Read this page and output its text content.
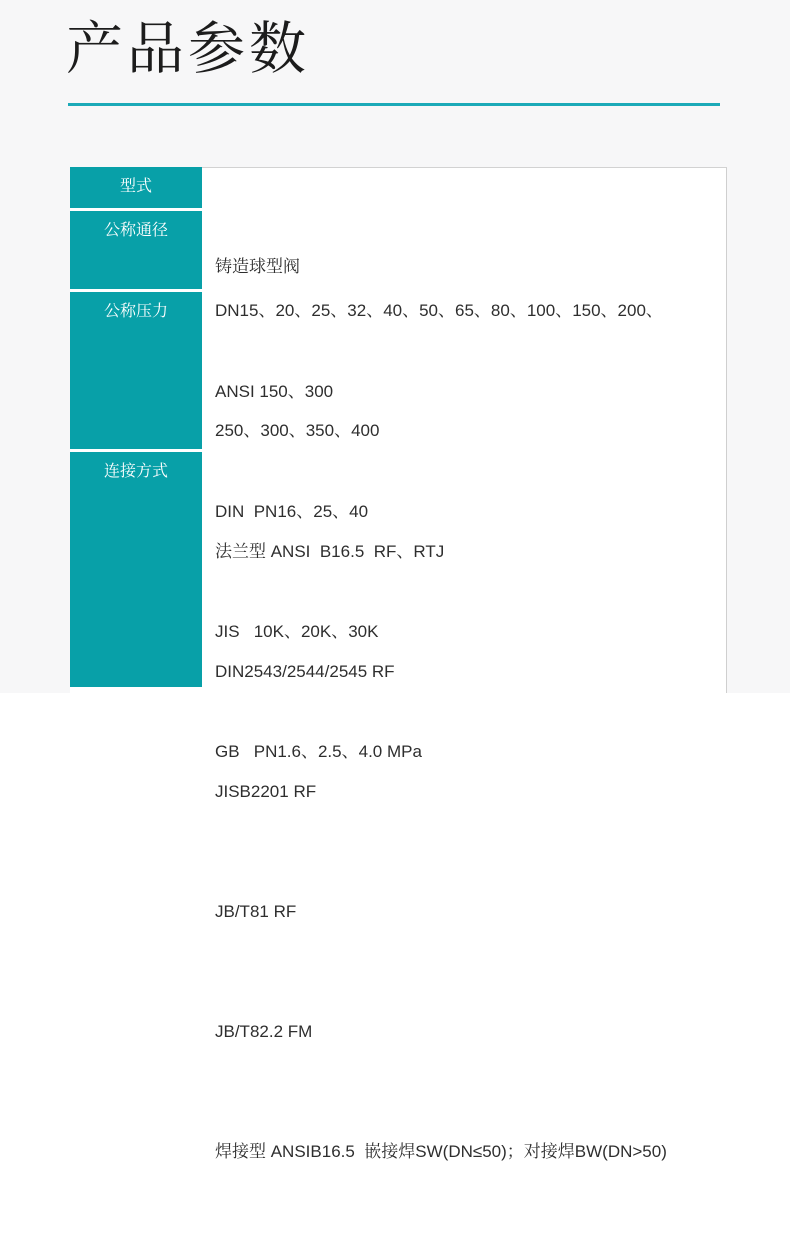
产品参数
型式

铸造球型阀

公称通径

DN15、20、25、32、40、50、65、80、100、150、200、

250、300、350、400

公称压力

ANSI 150、300

DIN  PN16、25、40

JIS   10K、20K、30K

GB   PN1.6、2.5、4.0 MPa

连接方式

法兰型 ANSI  B16.5  RF、RTJ

DIN2543/2544/2545 RF

JISB2201 RF

JB/T81 RF

JB/T82.2 FM

焊接型 ANSIB16.5  嵌接焊SW(DN≤50)；对接焊BW(DN>50)
